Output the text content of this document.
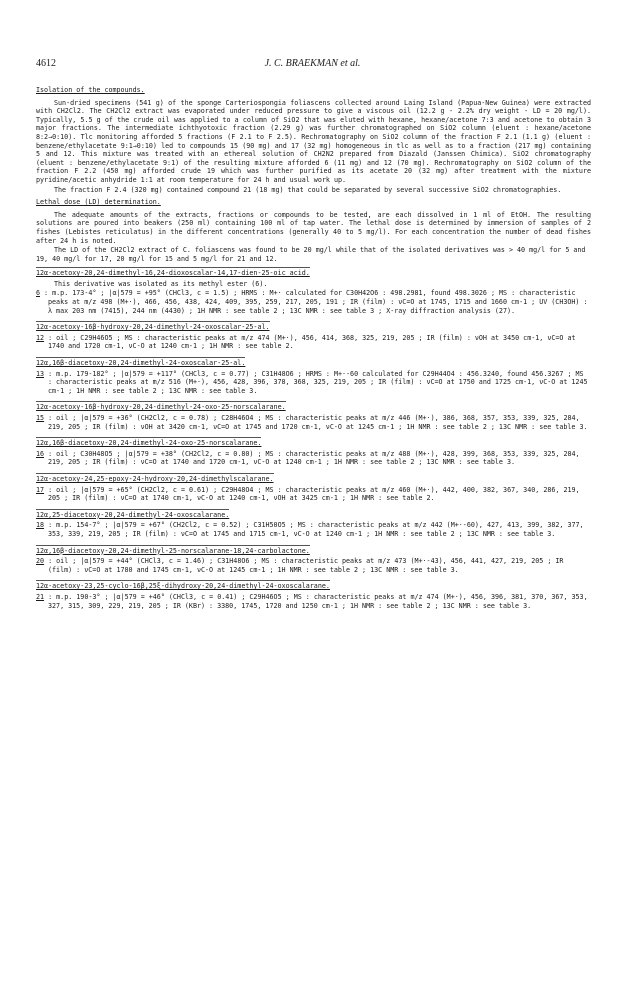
4612	J. C. BRAEKMAN et al.
Isolation of the compounds.

Sun-dried specimens (541 g) of the sponge Carteriospongia foliascens collected around Laing Island (Papua-New Guinea) were extracted with CH2Cl2. The CH2Cl2 extract was evaporated under reduced pressure to give a viscous oil (12.2 g - 2.2% dry weight - LD = 20 mg/l). Typically, 5.5 g of the crude oil was applied to a column of SiO2 that was eluted with hexane, hexane/acetone 7:3 and acetone to obtain 3 major fractions. The intermediate ichthyotoxic fraction (2.29 g) was further chromatographed on SiO2 column (eluent : hexane/acetone 8:2→0:10). Tlc monitoring afforded 5 fractions (F 2.1 to F 2.5). Rechromatography on SiO2 column of the fraction F 2.1 (1.1 g) (eluent : benzene/ethylacetate 9:1→0:10) led to compounds 15 (90 mg) and 17 (32 mg) homogeneous in tlc as well as to a fraction (217 mg) containing 5 and 12. This mixture was treated with an ethereal solution of CH2N2 prepared from Diazald (Janssen Chimica). SiO2 chromatography (eluent : benzene/ethylacetate 9:1) of the resulting mixture afforded 6 (11 mg) and 12 (70 mg). Rechromatography on SiO2 column of the fraction F 2.2 (450 mg) afforded crude 19 which was further purified as its acetate 20 (32 mg) after treatment with the mixture pyridine/acetic anhydride 1:1 at room temperature for 24 h and usual work up.

The fraction F 2.4 (320 mg) contained compound 21 (18 mg) that could be separated by several successive SiO2 chromatographies.

Lethal dose (LD) determination.

The adequate amounts of the extracts, fractions or compounds to be tested, are each dissolved in 1 ml of EtOH. The resulting solutions are poured into beakers (250 ml) containing 100 ml of tap water. The lethal dose is determined by immersion of samples of 2 fishes (Lebistes reticulatus) in the different concentrations (generally 40 to 5 mg/l). For each concentration the number of dead fishes after 24 h is noted.

The LD of the CH2Cl2 extract of C. foliascens was found to be 20 mg/l while that of the isolated derivatives was > 40 mg/l for 5 and 19, 40 mg/l for 17, 20 mg/l for 15 and 5 mg/l for 21 and 12.

12α-acetoxy-20,24-dimethyl-16,24-dioxoscalar-14,17-dien-25-oic acid.

This derivative was isolated as its methyl ester (6).

6 : m.p. 173-4° ; |α|579 = +95° (CHCl3, c = 1.5) ; HRMS : M+· calculated for C30H42O6 : 498.2981, found 498.3026 ; MS : characteristic peaks at m/z 498 (M+·), 466, 456, 438, 424, 409, 395, 259, 217, 205, 191 ; IR (film) : νC=O at 1745, 1715 and 1660 cm-1 ; UV (CH3OH) : λ max 203 nm (7415), 244 nm (4430) ; 1H NMR : see table 2 ; 13C NMR : see table 3 ; X-ray diffraction analysis (27).

12α-acetoxy-16β-hydroxy-20,24-dimethyl-24-oxoscalar-25-al.

12 : oil ; C29H46O5 ; MS : characteristic peaks at m/z 474 (M+·), 456, 414, 368, 325, 219, 205 ; IR (film) : νOH at 3450 cm-1, νC=O at 1740 and 1720 cm-1, νC-O at 1240 cm-1 ; 1H NMR : see table 2.

12α,16β-diacetoxy-20,24-dimethyl-24-oxoscalar-25-al.

13 : m.p. 179-182° ; |α|579 = +117° (CHCl3, c = 0.77) ; C31H48O6 ; HRMS : M+·-60 calculated for C29H44O4 : 456.3240, found 456.3267 ; MS : characteristic peaks at m/z 516 (M+·), 456, 428, 396, 378, 368, 325, 219, 205 ; IR (film) : νC=O at 1750 and 1725 cm-1, νC-O at 1245 cm-1 ; 1H NMR : see table 2 ; 13C NMR : see table 3.

12α-acetoxy-16β-hydroxy-20,24-dimethyl-24-oxo-25-norscalarane.

15 : oil ; |α|579 = +36° (CH2Cl2, c = 0.78) ; C28H46O4 ; MS : characteristic peaks at m/z 446 (M+·), 386, 368, 357, 353, 339, 325, 284, 219, 205 ; IR (film) : νOH at 3420 cm-1, νC=O at 1745 and 1720 cm-1, νC-O at 1245 cm-1 ; 1H NMR : see table 2 ; 13C NMR : see table 3.

12α,16β-diacetoxy-20,24-dimethyl-24-oxo-25-norscalarane.

16 : oil ; C30H48O5 ; |α|579 = +38° (CH2Cl2, c = 0.80) ; MS : characteristic peaks at m/z 488 (M+·), 428, 399, 368, 353, 339, 325, 284, 219, 205 ; IR (film) : νC=O at 1740 and 1720 cm-1, νC-O at 1240 cm-1 ; 1H NMR : see table 2 ; 13C NMR : see table 3.

12α-acetoxy-24,25-epoxy-24-hydroxy-20,24-dimethylscalarane.

17 : oil ; |α|579 = +65° (CH2Cl2, c = 0.61) ; C29H48O4 ; MS : characteristic peaks at m/z 460 (M+·), 442, 400, 382, 367, 340, 286, 219, 205 ; IR (film) : νC=O at 1740 cm-1, νC-O at 1240 cm-1, νOH at 3425 cm-1 ; 1H NMR : see table 2.

12α,25-diacetoxy-20,24-dimethyl-24-oxoscalarane.

18 : m.p. 154-7° ; |α|579 = +67° (CH2Cl2, c = 0.52) ; C31H50O5 ; MS : characteristic peaks at m/z 442 (M+·-60), 427, 413, 399, 382, 377, 353, 339, 219, 205 ; IR (film) : νC=O at 1745 and 1715 cm-1, νC-O at 1240 cm-1 ; 1H NMR : see table 2 ; 13C NMR : see table 3.

12α,16β-diacetoxy-20,24-dimethyl-25-norscalarane-18,24-carbolactone.

20 : oil ; |α|579 = +44° (CHCl3, c = 1.46) ; C31H48O6 ; MS : characteristic peaks at m/z 473 (M+·-43), 456, 441, 427, 219, 205 ; IR (film) : νC=O at 1780 and 1745 cm-1, νC-O at 1245 cm-1 ; 1H NMR : see table 2 ; 13C NMR : see table 3.

12α-acetoxy-23,25-cyclo-16β,25ξ-dihydroxy-20,24-dimethyl-24-oxoscalarane.

21 : m.p. 190-3° ; |α|579 = +46° (CHCl3, c = 0.41) ; C29H46O5 ; MS : characteristic peaks at m/z 474 (M+·), 456, 396, 381, 370, 367, 353, 327, 315, 309, 229, 219, 205 ; IR (KBr) : 3380, 1745, 1720 and 1250 cm-1 ; 1H NMR : see table 2 ; 13C NMR : see table 3.
